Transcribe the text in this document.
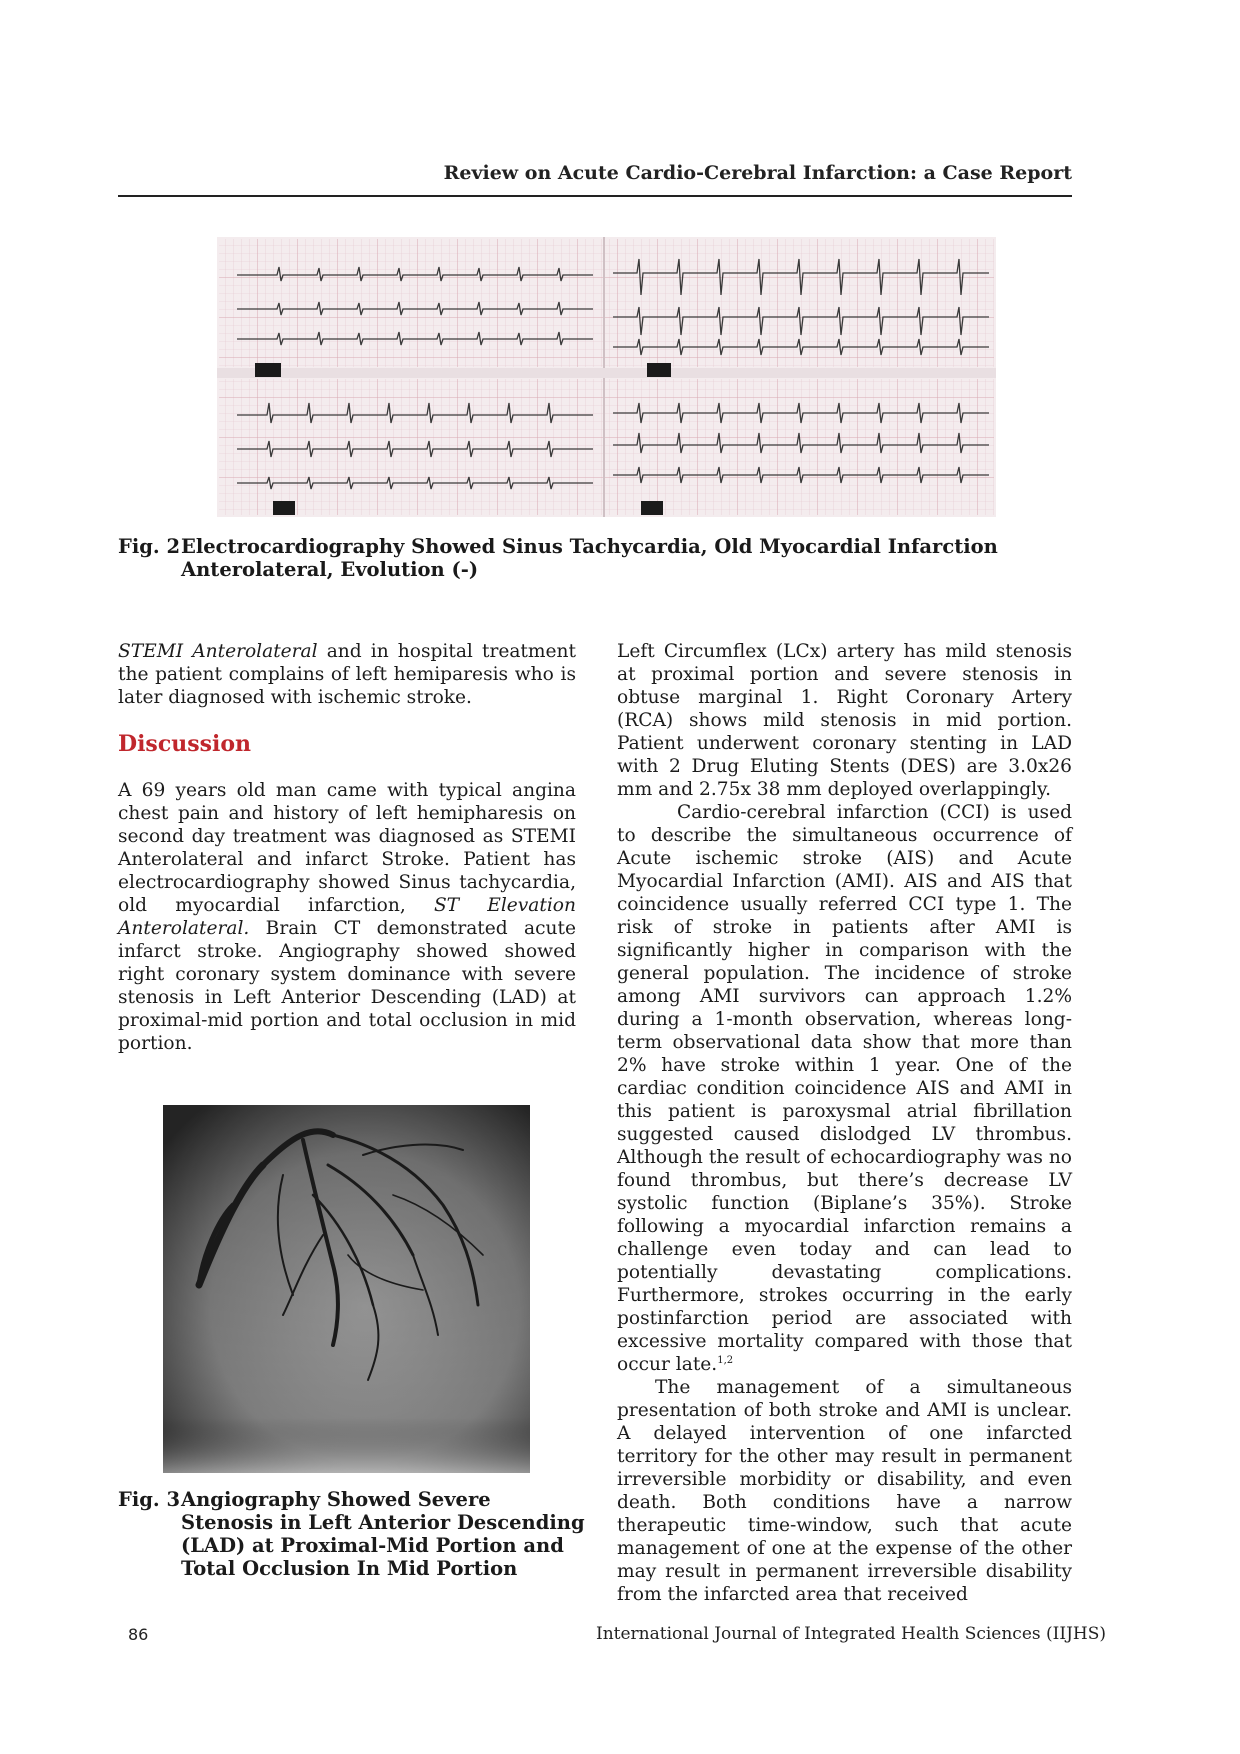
Review on Acute Cardio-Cerebral Infarction: a Case Report
Fig. 2 Electrocardiography Showed Sinus Tachycardia, Old Myocardial Infarction Anterolateral, Evolution (-)

STEMI Anterolateral and in hospital treatment the patient complains of left hemiparesis who is later diagnosed with ischemic stroke.

Discussion

A 69 years old man came with typical angina chest pain and history of left hemipharesis on second day treatment was diagnosed as STEMI Anterolateral and infarct Stroke. Patient has electrocardiography showed Sinus tachycardia, old myocardial infarction, ST Elevation Anterolateral. Brain CT demonstrated acute infarct stroke. Angiography showed showed right coronary system dominance with severe stenosis in Left Anterior Descending (LAD) at proximal-mid portion and total occlusion in mid portion.

Fig. 3 Angiography Showed Severe Stenosis in Left Anterior Descending (LAD) at Proximal-Mid Portion and Total Occlusion In Mid Portion

Left Circumflex (LCx) artery has mild stenosis at proximal portion and severe stenosis in obtuse marginal 1. Right Coronary Artery (RCA) shows mild stenosis in mid portion. Patient underwent coronary stenting in LAD with 2 Drug Eluting Stents (DES) are 3.0x26 mm and 2.75x 38 mm deployed overlappingly.

Cardio-cerebral infarction (CCI) is used to describe the simultaneous occurrence of Acute ischemic stroke (AIS) and Acute Myocardial Infarction (AMI). AIS and AIS that coincidence usually referred CCI type 1. The risk of stroke in patients after AMI is significantly higher in comparison with the general population. The incidence of stroke among AMI survivors can approach 1.2% during a 1-month observation, whereas long-term observational data show that more than 2% have stroke within 1 year. One of the cardiac condition coincidence AIS and AMI in this patient is paroxysmal atrial fibrillation suggested caused dislodged LV thrombus. Although the result of echocardiography was no found thrombus, but there’s decrease LV systolic function (Biplane’s 35%). Stroke following a myocardial infarction remains a challenge even today and can lead to potentially devastating complications. Furthermore, strokes occurring in the early postinfarction period are associated with excessive mortality compared with those that occur late.$^{1,2}$

The management of a simultaneous presentation of both stroke and AMI is unclear. A delayed intervention of one infarcted territory for the other may result in permanent irreversible morbidity or disability, and even death. Both conditions have a narrow therapeutic time-window, such that acute management of one at the expense of the other may result in permanent irreversible disability from the infarcted area that received

86	International Journal of Integrated Health Sciences (IIJHS)
